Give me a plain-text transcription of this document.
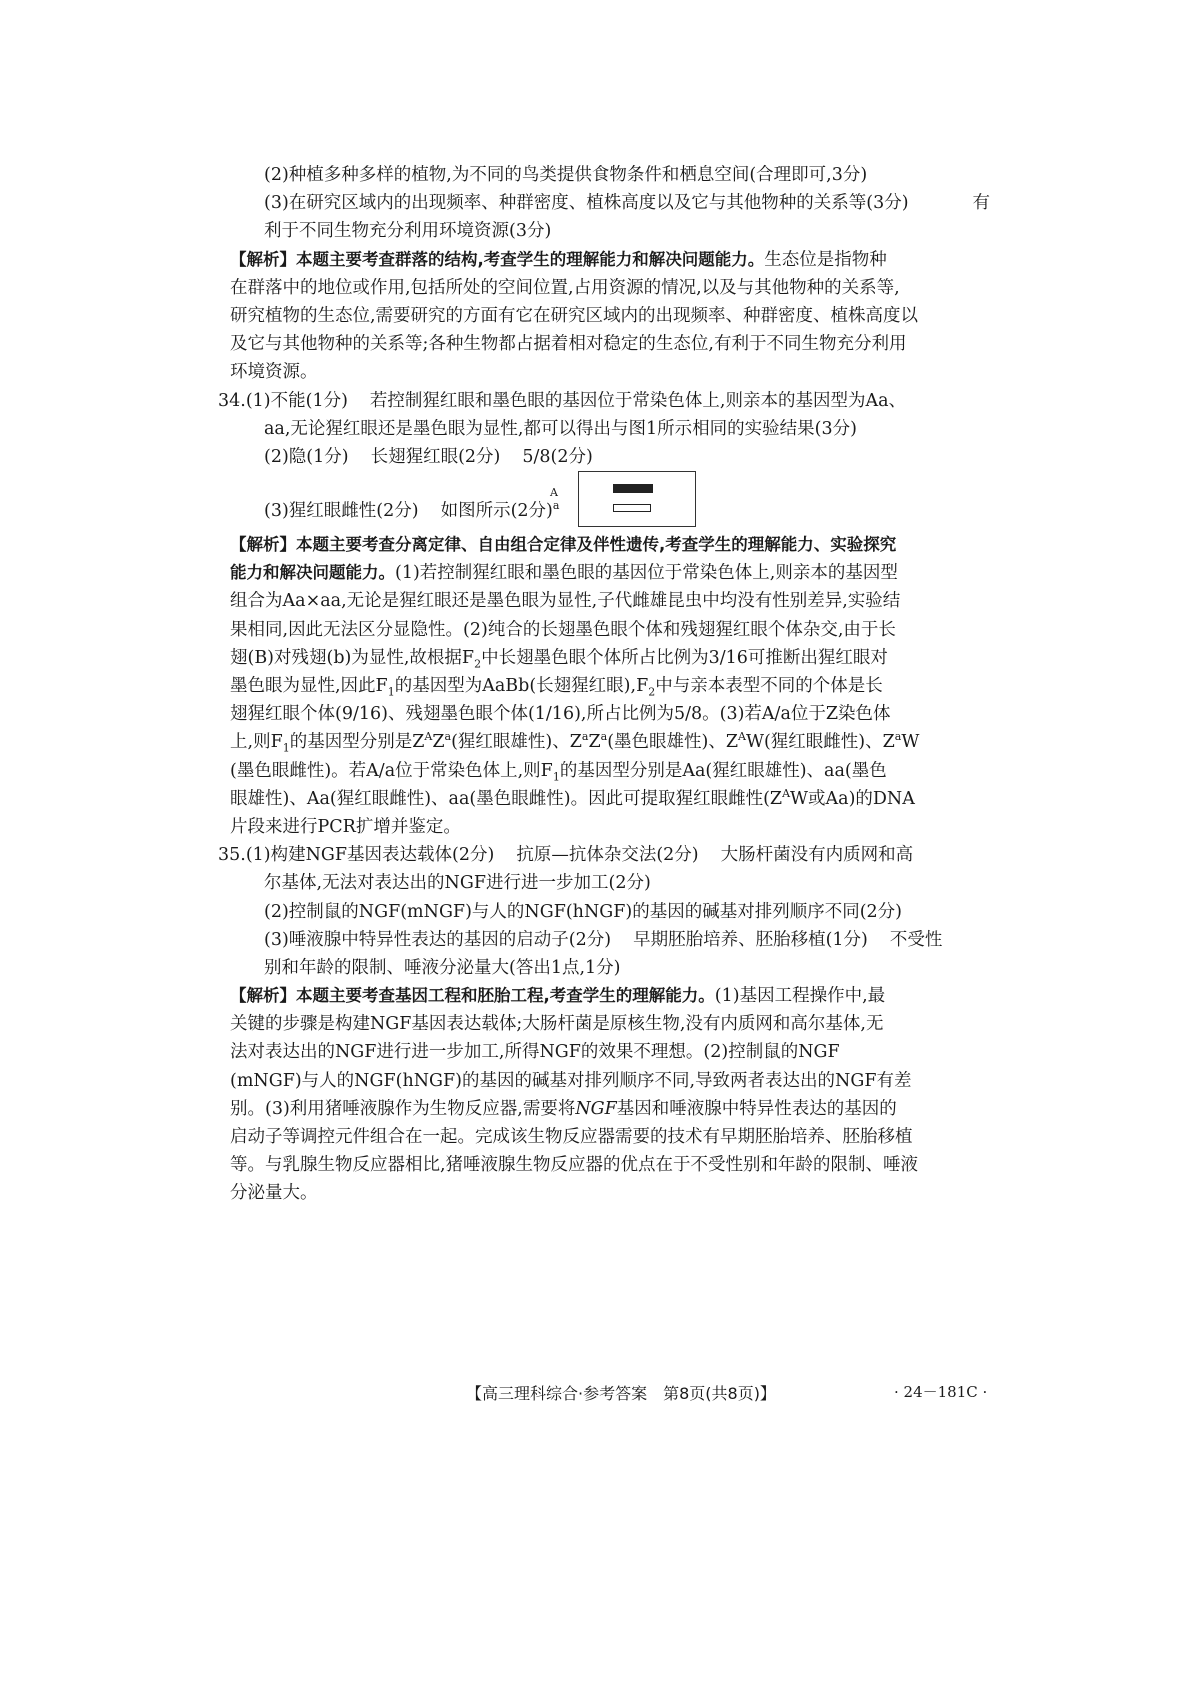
(2)种植多种多样的植物,为不同的鸟类提供食物条件和栖息空间(合理即可,3分)
(3)在研究区域内的出现频率、种群密度、植株高度以及它与其他物种的关系等(3分)	有
利于不同生物充分利用环境资源(3分)
【解析】本题主要考查群落的结构,考查学生的理解能力和解决问题能力。生态位是指物种
在群落中的地位或作用,包括所处的空间位置,占用资源的情况,以及与其他物种的关系等,
研究植物的生态位,需要研究的方面有它在研究区域内的出现频率、种群密度、植株高度以
及它与其他物种的关系等;各种生物都占据着相对稳定的生态位,有利于不同生物充分利用
环境资源。
34.(1)不能(1分) 若控制猩红眼和墨色眼的基因位于常染色体上,则亲本的基因型为Aa、
aa,无论猩红眼还是墨色眼为显性,都可以得出与图1所示相同的实验结果(3分)
(2)隐(1分) 长翅猩红眼(2分) 5/8(2分)
(3)猩红眼雌性(2分) 如图所示(2分)$^a$
A
【解析】本题主要考查分离定律、自由组合定律及伴性遗传,考查学生的理解能力、实验探究
能力和解决问题能力。(1)若控制猩红眼和墨色眼的基因位于常染色体上,则亲本的基因型
组合为Aa×aa,无论是猩红眼还是墨色眼为显性,子代雌雄昆虫中均没有性别差异,实验结
果相同,因此无法区分显隐性。(2)纯合的长翅墨色眼个体和残翅猩红眼个体杂交,由于长
翅(B)对残翅(b)为显性,故根据$F_2$中长翅墨色眼个体所占比例为3/16可推断出猩红眼对
墨色眼为显性,因此$F_1$的基因型为AaBb(长翅猩红眼)$,F_2$中与亲本表型不同的个体是长
翅猩红眼个体(9/16)、残翅墨色眼个体(1/16),所占比例为5/8。(3)若A/a位于Z染色体
上,则$F_1$的基因型分别是$Z^AZ^a$(猩红眼雄性)、$Z^aZ^a$(墨色眼雄性)、$Z^AW$(猩红眼雌性)、$Z^aW$
(墨色眼雌性)。若A/a位于常染色体上,则$F_1$的基因型分别是Aa(猩红眼雄性)、aa(墨色
眼雄性)、Aa(猩红眼雌性)、aa(墨色眼雌性)。因此可提取猩红眼雌性($Z^AW$或Aa)的DNA
片段来进行PCR扩增并鉴定。
35.(1)构建NGF基因表达载体(2分) 抗原—抗体杂交法(2分) 大肠杆菌没有内质网和高
尔基体,无法对表达出的NGF进行进一步加工(2分)
(2)控制鼠的NGF(mNGF)与人的NGF(hNGF)的基因的碱基对排列顺序不同(2分)
(3)唾液腺中特异性表达的基因的启动子(2分) 早期胚胎培养、胚胎移植(1分) 不受性
别和年龄的限制、唾液分泌量大(答出1点,1分)
【解析】本题主要考查基因工程和胚胎工程,考查学生的理解能力。(1)基因工程操作中,最
关键的步骤是构建NGF基因表达载体;大肠杆菌是原核生物,没有内质网和高尔基体,无
法对表达出的NGF进行进一步加工,所得NGF的效果不理想。(2)控制鼠的NGF
(mNGF)与人的NGF(hNGF)的基因的碱基对排列顺序不同,导致两者表达出的NGF有差
别。(3)利用猪唾液腺作为生物反应器,需要将NGF基因和唾液腺中特异性表达的基因的
启动子等调控元件组合在一起。完成该生物反应器需要的技术有早期胚胎培养、胚胎移植
等。与乳腺生物反应器相比,猪唾液腺生物反应器的优点在于不受性别和年龄的限制、唾液
分泌量大。
【高三理科综合·参考答案　第8页(共8页)】	· 24－181C ·
